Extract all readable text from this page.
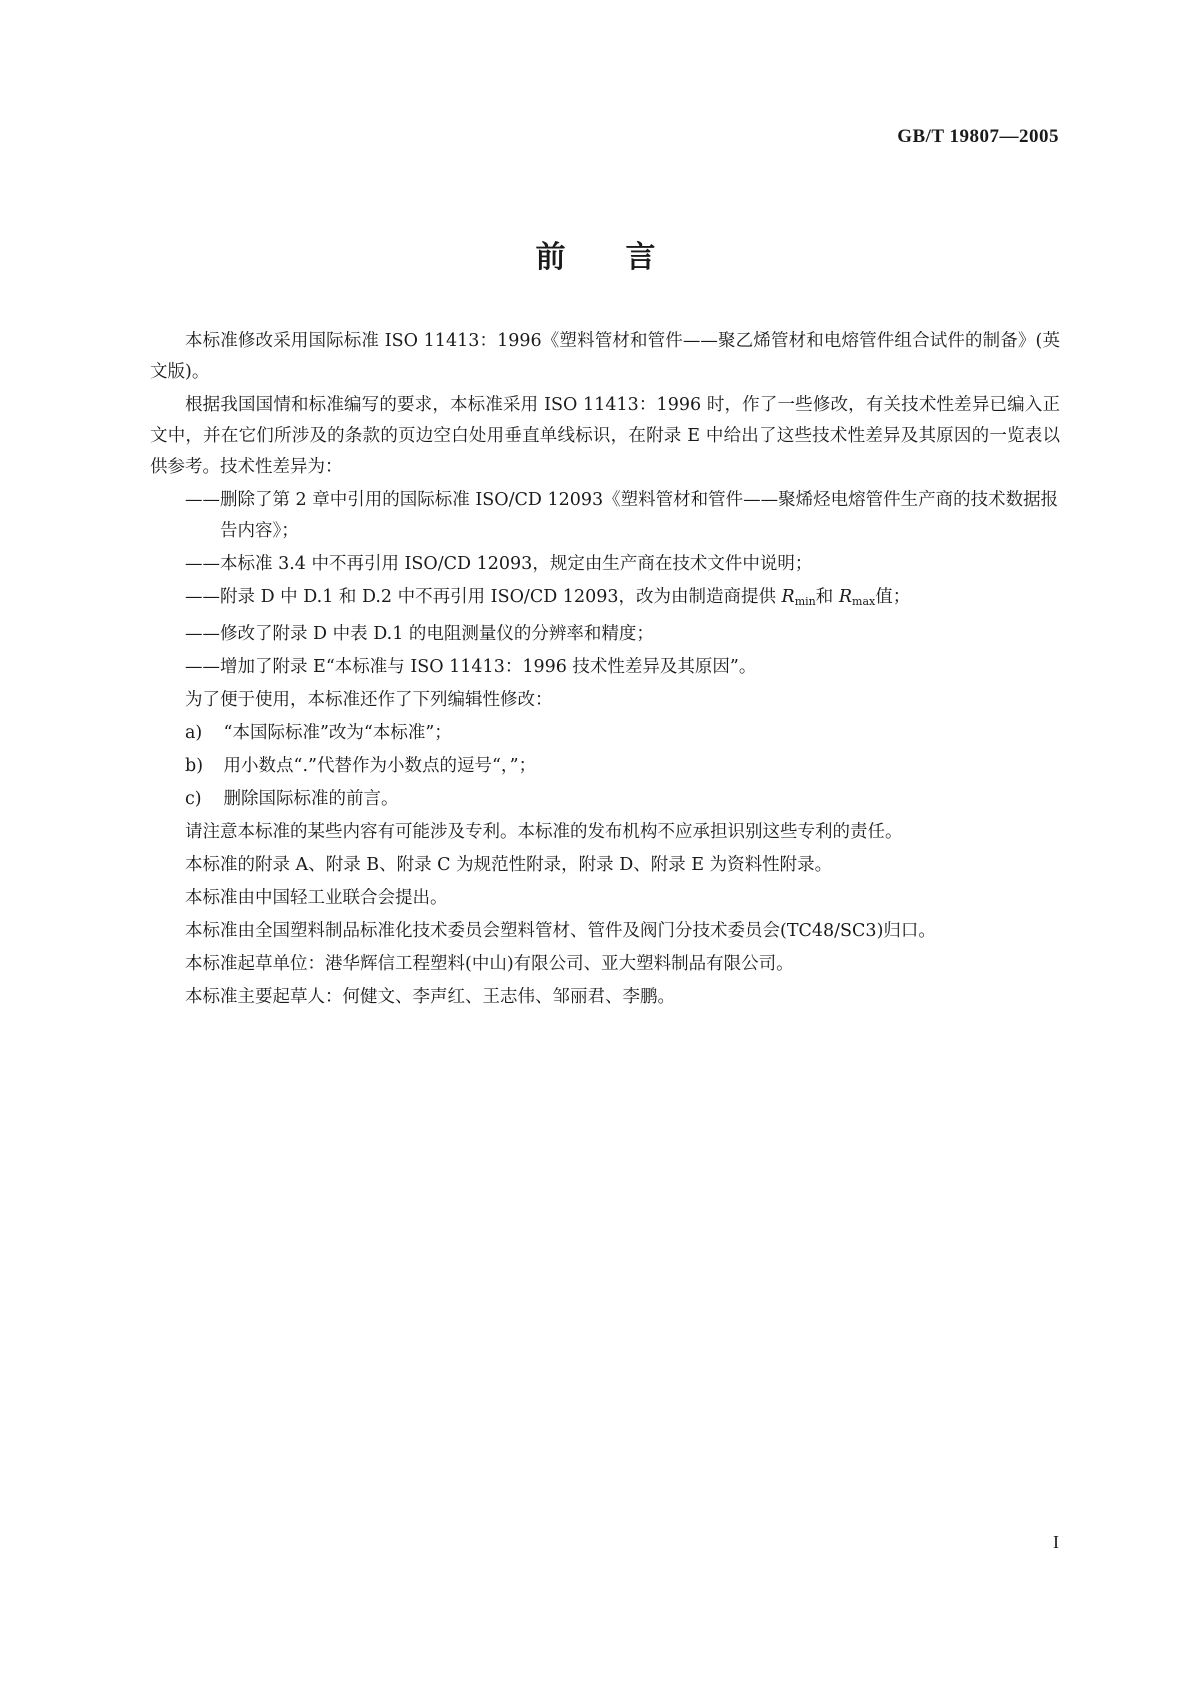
GB/T 19807—2005
前言

本标准修改采用国际标准 ISO 11413：1996《塑料管材和管件——聚乙烯管材和电熔管件组合试件的制备》(英文版)。

根据我国国情和标准编写的要求，本标准采用 ISO 11413：1996 时，作了一些修改，有关技术性差异已编入正文中，并在它们所涉及的条款的页边空白处用垂直单线标识，在附录 E 中给出了这些技术性差异及其原因的一览表以供参考。技术性差异为：

——删除了第 2 章中引用的国际标准 ISO/CD 12093《塑料管材和管件——聚烯烃电熔管件生产商的技术数据报告内容》；

——本标准 3.4 中不再引用 ISO/CD 12093，规定由生产商在技术文件中说明；

——附录 D 中 D.1 和 D.2 中不再引用 ISO/CD 12093，改为由制造商提供 $R_{min}$和 $R_{max}$值；

——修改了附录 D 中表 D.1 的电阻测量仪的分辨率和精度；

——增加了附录 E“本标准与 ISO 11413：1996 技术性差异及其原因”。

为了便于使用，本标准还作了下列编辑性修改：

a) “本国际标准”改为“本标准”；

b) 用小数点“.”代替作为小数点的逗号“，”；

c) 删除国际标准的前言。

请注意本标准的某些内容有可能涉及专利。本标准的发布机构不应承担识别这些专利的责任。

本标准的附录 A、附录 B、附录 C 为规范性附录，附录 D、附录 E 为资料性附录。

本标准由中国轻工业联合会提出。

本标准由全国塑料制品标准化技术委员会塑料管材、管件及阀门分技术委员会(TC48/SC3)归口。

本标准起草单位：港华辉信工程塑料(中山)有限公司、亚大塑料制品有限公司。

本标准主要起草人：何健文、李声红、王志伟、邹丽君、李鹏。

I
